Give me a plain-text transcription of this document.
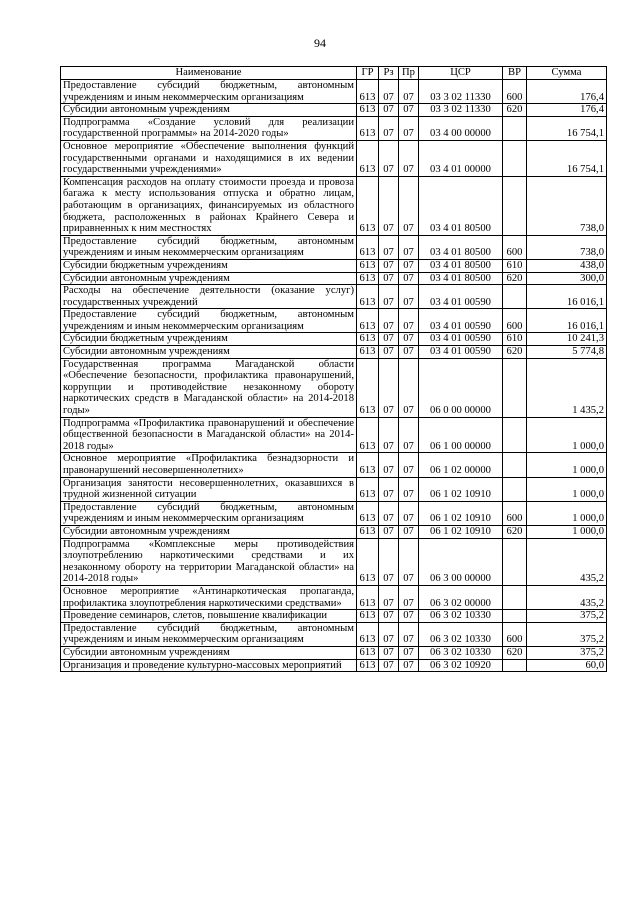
94
Наименование	ГР	Рз	Пр	ЦСР	ВР	Сумма
Предоставление субсидий бюджетным, автономным учреждениям и иным некоммерческим организациям	613	07	07	03 3 02 11330	600	176,4
Субсидии автономным учреждениям	613	07	07	03 3 02 11330	620	176,4
Подпрограмма «Создание условий для реализации государственной программы» на 2014-2020 годы»	613	07	07	03 4 00 00000		16 754,1
Основное мероприятие «Обеспечение выполнения функций государственными органами и находящимися в их ведении государственными учреждениями»	613	07	07	03 4 01 00000		16 754,1
Компенсация расходов на оплату стоимости проезда и провоза багажа к месту использования отпуска и обратно лицам, работающим в организациях, финансируемых из областного бюджета, расположенных в районах Крайнего Севера и приравненных к ним местностях	613	07	07	03 4 01 80500		738,0
Предоставление субсидий бюджетным, автономным учреждениям и иным некоммерческим организациям	613	07	07	03 4 01 80500	600	738,0
Субсидии бюджетным учреждениям	613	07	07	03 4 01 80500	610	438,0
Субсидии автономным учреждениям	613	07	07	03 4 01 80500	620	300,0
Расходы на обеспечение деятельности (оказание услуг) государственных учреждений	613	07	07	03 4 01 00590		16 016,1
Предоставление субсидий бюджетным, автономным учреждениям и иным некоммерческим организациям	613	07	07	03 4 01 00590	600	16 016,1
Субсидии бюджетным учреждениям	613	07	07	03 4 01 00590	610	10 241,3
Субсидии автономным учреждениям	613	07	07	03 4 01 00590	620	5 774,8
Государственная программа Магаданской области «Обеспечение безопасности, профилактика правонарушений, коррупции и противодействие незаконному обороту наркотических средств в Магаданской области» на 2014-2018 годы»	613	07	07	06 0 00 00000		1 435,2
Подпрограмма «Профилактика правонарушений и обеспечение общественной безопасности в Магаданской области» на 2014-2018 годы»	613	07	07	06 1 00 00000		1 000,0
Основное мероприятие «Профилактика безнадзорности и правонарушений несовершеннолетних»	613	07	07	06 1 02 00000		1 000,0
Организация занятости несовершеннолетних, оказавшихся в трудной жизненной ситуации	613	07	07	06 1 02 10910		1 000,0
Предоставление субсидий бюджетным, автономным учреждениям и иным некоммерческим организациям	613	07	07	06 1 02 10910	600	1 000,0
Субсидии автономным учреждениям	613	07	07	06 1 02 10910	620	1 000,0
Подпрограмма «Комплексные меры противодействия злоупотреблению наркотическими средствами и их незаконному обороту на территории Магаданской области» на 2014-2018 годы»	613	07	07	06 3 00 00000		435,2
Основное мероприятие «Антинаркотическая пропаганда, профилактика злоупотребления наркотическими средствами»	613	07	07	06 3 02 00000		435,2
Проведение семинаров, слетов, повышение квалификации	613	07	07	06 3 02 10330		375,2
Предоставление субсидий бюджетным, автономным учреждениям и иным некоммерческим организациям	613	07	07	06 3 02 10330	600	375,2
Субсидии автономным учреждениям	613	07	07	06 3 02 10330	620	375,2
Организация и проведение культурно-массовых мероприятий	613	07	07	06 3 02 10920		60,0
